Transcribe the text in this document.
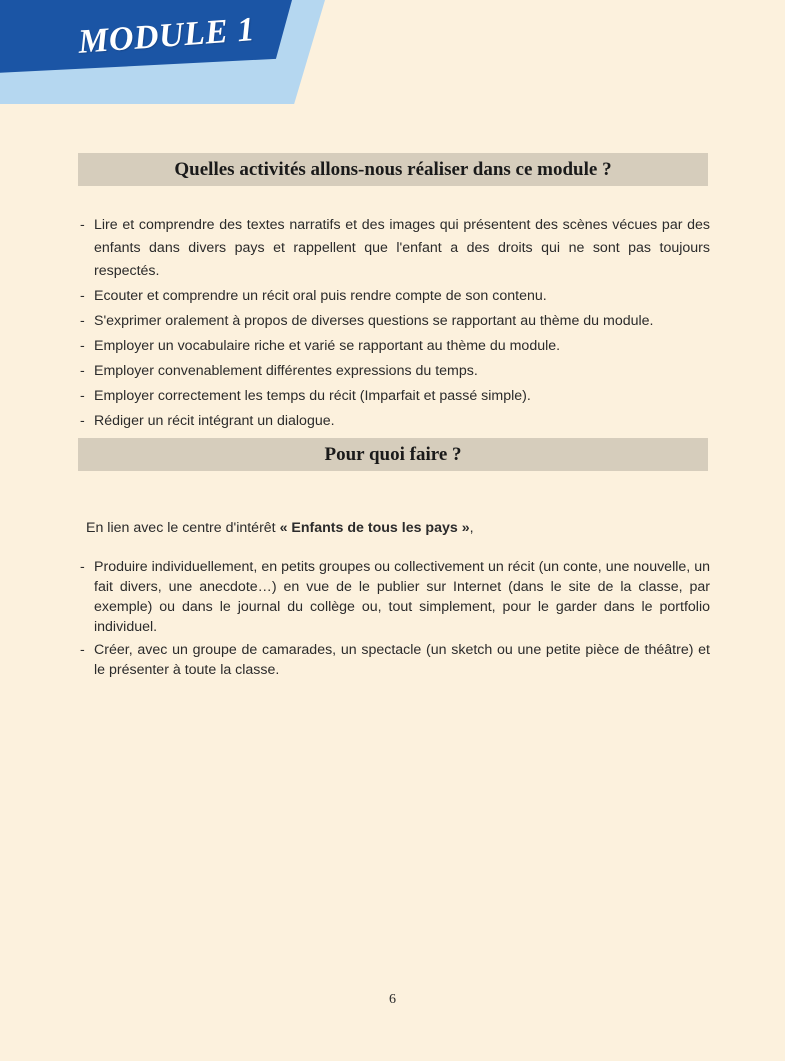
MODULE 1
Quelles activités allons-nous réaliser dans ce module ?
- Lire et comprendre des textes narratifs et des images qui présentent des scènes vécues par des enfants dans divers pays et rappellent que l'enfant a des droits qui ne sont pas toujours respectés.
- Ecouter et comprendre un récit oral puis rendre compte de son contenu.
- S'exprimer oralement à propos de diverses questions se rapportant au thème du module.
- Employer un vocabulaire riche et varié se rapportant au thème du module.
- Employer convenablement différentes expressions du temps.
- Employer correctement les temps du récit (Imparfait et passé simple).
- Rédiger un récit intégrant un dialogue.
Pour quoi faire ?
En lien avec le centre d'intérêt « Enfants de tous les pays »,
- Produire individuellement, en petits groupes ou collectivement un récit (un conte, une nouvelle, un fait divers, une anecdote…) en vue de le publier sur Internet (dans le site de la classe, par exemple) ou dans le journal du collège ou, tout simplement, pour le garder dans le portfolio individuel.
- Créer, avec un groupe de camarades, un spectacle (un sketch ou une petite pièce de théâtre) et le présenter à toute la classe.
6
